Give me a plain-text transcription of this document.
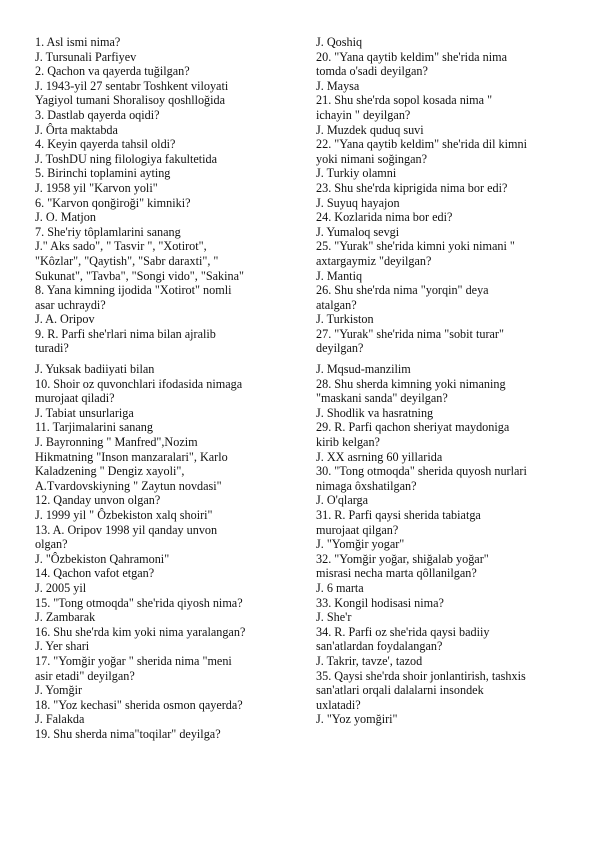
1. Asl ismi nima?
J. Tursunali Parfiyev
2. Qachon va qayerda tuğilgan?
J. 1943-yil 27 sentabr Toshkent viloyati
Yagiyol tumani Shoralisoy qoshlloğida
3. Dastlab qayerda oqidi?
J. Ôrta maktabda
4. Keyin qayerda tahsil oldi?
J. ToshDU ning filologiya fakultetida
5. Birinchi toplamini ayting
J. 1958 yil "Karvon yoli"
6. "Karvon qonğiroği" kimniki?
J. O. Matjon
7. She'riy tôplamlarini sanang
J." Aks sado", " Tasvir ", "Xotirot",
"Kôzlar", "Qaytish", "Sabr daraxti", "
Sukunat", "Tavba", "Songi vido", "Sakina"
8. Yana kimning ijodida "Xotirot" nomli
asar uchraydi?
J. A. Oripov
9. R. Parfi she'rlari nima bilan ajralib
turadi?
J. Yuksak badiiyati bilan
10. Shoir oz quvonchlari ifodasida nimaga
murojaat qiladi?
J. Tabiat unsurlariga
11. Tarjimalarini sanang
J. Bayronning " Manfred",Nozim
Hikmatning "Inson manzaralari", Karlo
Kaladzening " Dengiz xayoli",
A.Tvardovskiyning " Zaytun novdasi"
12. Qanday unvon olgan?
J. 1999 yil " Ôzbekiston xalq shoiri"
13. A. Oripov 1998 yil qanday unvon
olgan?
J. "Ôzbekiston Qahramoni"
14. Qachon vafot etgan?
J. 2005 yil
15. "Tong otmoqda" she'rida qiyosh nima?
J. Zambarak
16. Shu she'rda kim yoki nima yaralangan?
J. Yer shari
17. "Yomğir yoğar " sherida nima "meni
asir etadi" deyilgan?
J. Yomğir
18. "Yoz kechasi" sherida osmon qayerda?
J. Falakda
19. Shu sherda nima"toqilar" deyilga?
J. Qoshiq
20. "Yana qaytib keldim" she'rida nima
tomda o'sadi deyilgan?
J. Maysa
21. Shu she'rda sopol kosada nima "
ichayin " deyilgan?
J. Muzdek quduq suvi
22. "Yana qaytib keldim" she'rida dil kimni
yoki nimani soğingan?
J. Turkiy olamni
23. Shu she'rda kiprigida nima bor edi?
J. Suyuq hayajon
24. Kozlarida nima bor edi?
J. Yumaloq sevgi
25. "Yurak" she'rida kimni yoki nimani "
axtargaymiz "deyilgan?
J. Mantiq
26. Shu she'rda nima "yorqin" deya
atalgan?
J. Turkiston
27. "Yurak" she'rida nima "sobit turar"
deyilgan?
J. Mqsud-manzilim
28. Shu sherda kimning yoki nimaning
"maskani sanda" deyilgan?
J. Shodlik va hasratning
29. R. Parfi qachon sheriyat maydoniga
kirib kelgan?
J. XX asrning 60 yillarida
30. "Tong otmoqda" sherida quyosh nurlari
nimaga ôxshatilgan?
J. O'qlarga
31. R. Parfi qaysi sherida tabiatga
murojaat qilgan?
J. "Yomğir yogar"
32. "Yomğir yoğar, shiğalab yoğar"
misrasi necha marta qôllanilgan?
J. 6 marta
33. Kongil hodisasi nima?
J. She'r
34. R. Parfi oz she'rida qaysi badiiy
san'atlardan foydalangan?
J. Takrir, tavze', tazod
35. Qaysi she'rda shoir jonlantirish, tashxis
san'atlari orqali dalalarni insondek
uxlatadi?
J. "Yoz yomğiri"
